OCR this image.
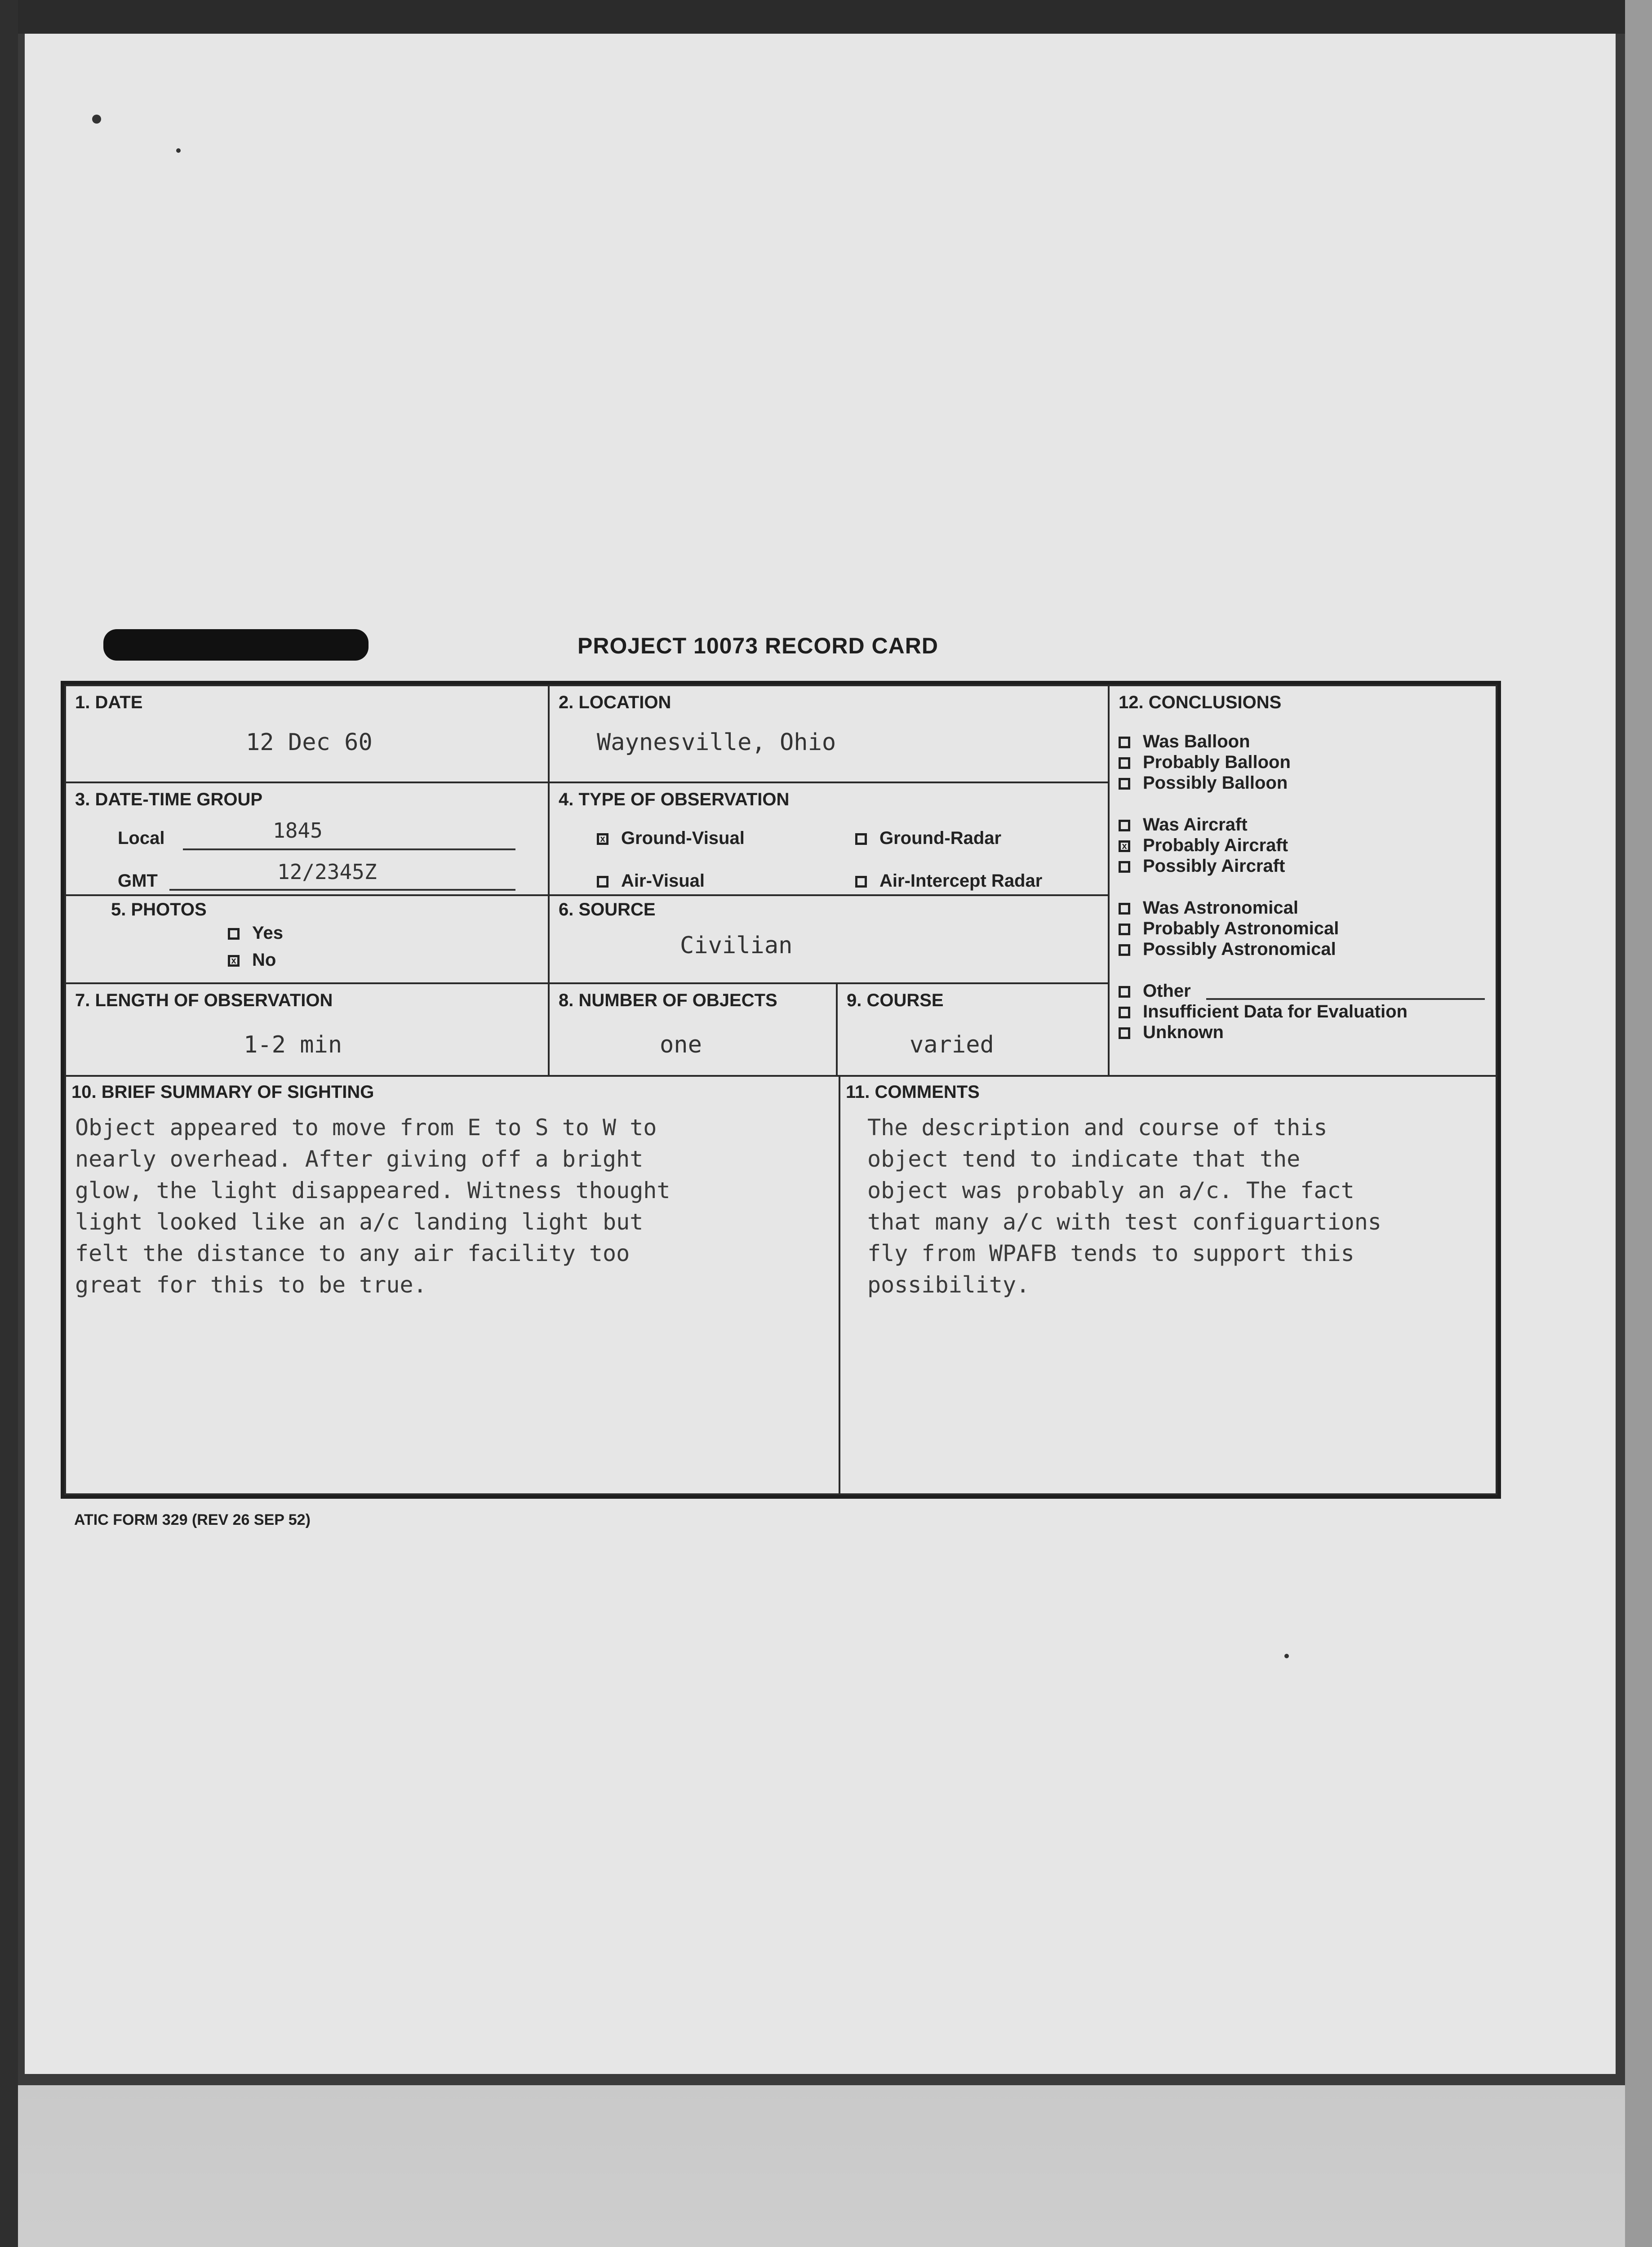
PROJECT 10073 RECORD CARD
1. DATE
12 Dec 60
2. LOCATION
Waynesville, Ohio
3. DATE-TIME GROUP
Local	1845
GMT	12/2345Z
4. TYPE OF OBSERVATION
xGround-Visual	Ground-Radar
Air-Visual	Air-Intercept Radar
5. PHOTOS
Yes
xNo
6. SOURCE
Civilian
7. LENGTH OF OBSERVATION
1-2 min
8. NUMBER OF OBJECTS
one
9. COURSE
varied
12. CONCLUSIONS
Was Balloon
Probably Balloon
Possibly Balloon
Was Aircraft
xProbably Aircraft
Possibly Aircraft
Was Astronomical
Probably Astronomical
Possibly Astronomical
Other
Insufficient Data for Evaluation
Unknown
10. BRIEF SUMMARY OF SIGHTING
Object appeared to move from E to S to W to
nearly overhead. After giving off a bright
glow, the light disappeared. Witness thought
light looked like an a/c landing light but
felt the distance to any air facility too
great for this to be true.
11. COMMENTS
The description and course of this
object tend to indicate that the
object was probably an a/c. The fact
that many a/c with test configuartions
fly from WPAFB tends to support this
possibility.
ATIC FORM 329 (REV 26 SEP 52)
